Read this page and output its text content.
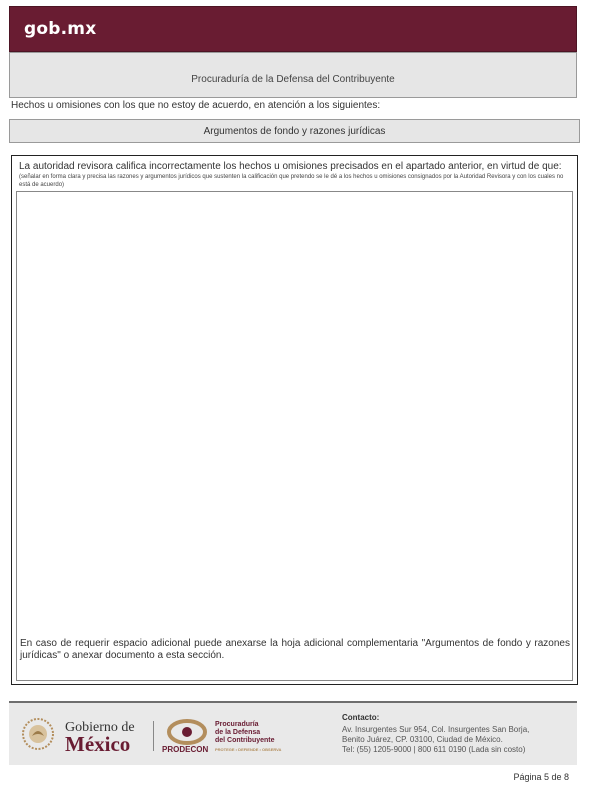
gob.mx
Procuraduría de la Defensa del Contribuyente
Hechos u omisiones con los que no estoy de acuerdo, en atención a los siguientes:
Argumentos de fondo y razones jurídicas
La autoridad revisora califica incorrectamente los hechos u omisiones precisados en el apartado anterior, en virtud de que:
(señalar en forma clara y precisa las razones y argumentos jurídicos que sustenten la calificación que pretendo se le dé a los hechos u omisiones consignados por la Autoridad Revisora y con los cuales no está de acuerdo)
En caso de requerir espacio adicional puede anexarse la hoja adicional complementaria "Argumentos de fondo y razones jurídicas" o anexar documento a esta sección.
Gobierno de
México	PRODECON
Procuraduría
de la Defensa
del Contribuyente
PROTEGE • DEFIENDE • OBSERVA
Contacto:
Av. Insurgentes Sur 954, Col. Insurgentes San Borja,
Benito Juárez, CP. 03100, Ciudad de México.
Tel: (55) 1205-9000 | 800 611 0190 (Lada sin costo)
Página 5 de 8
